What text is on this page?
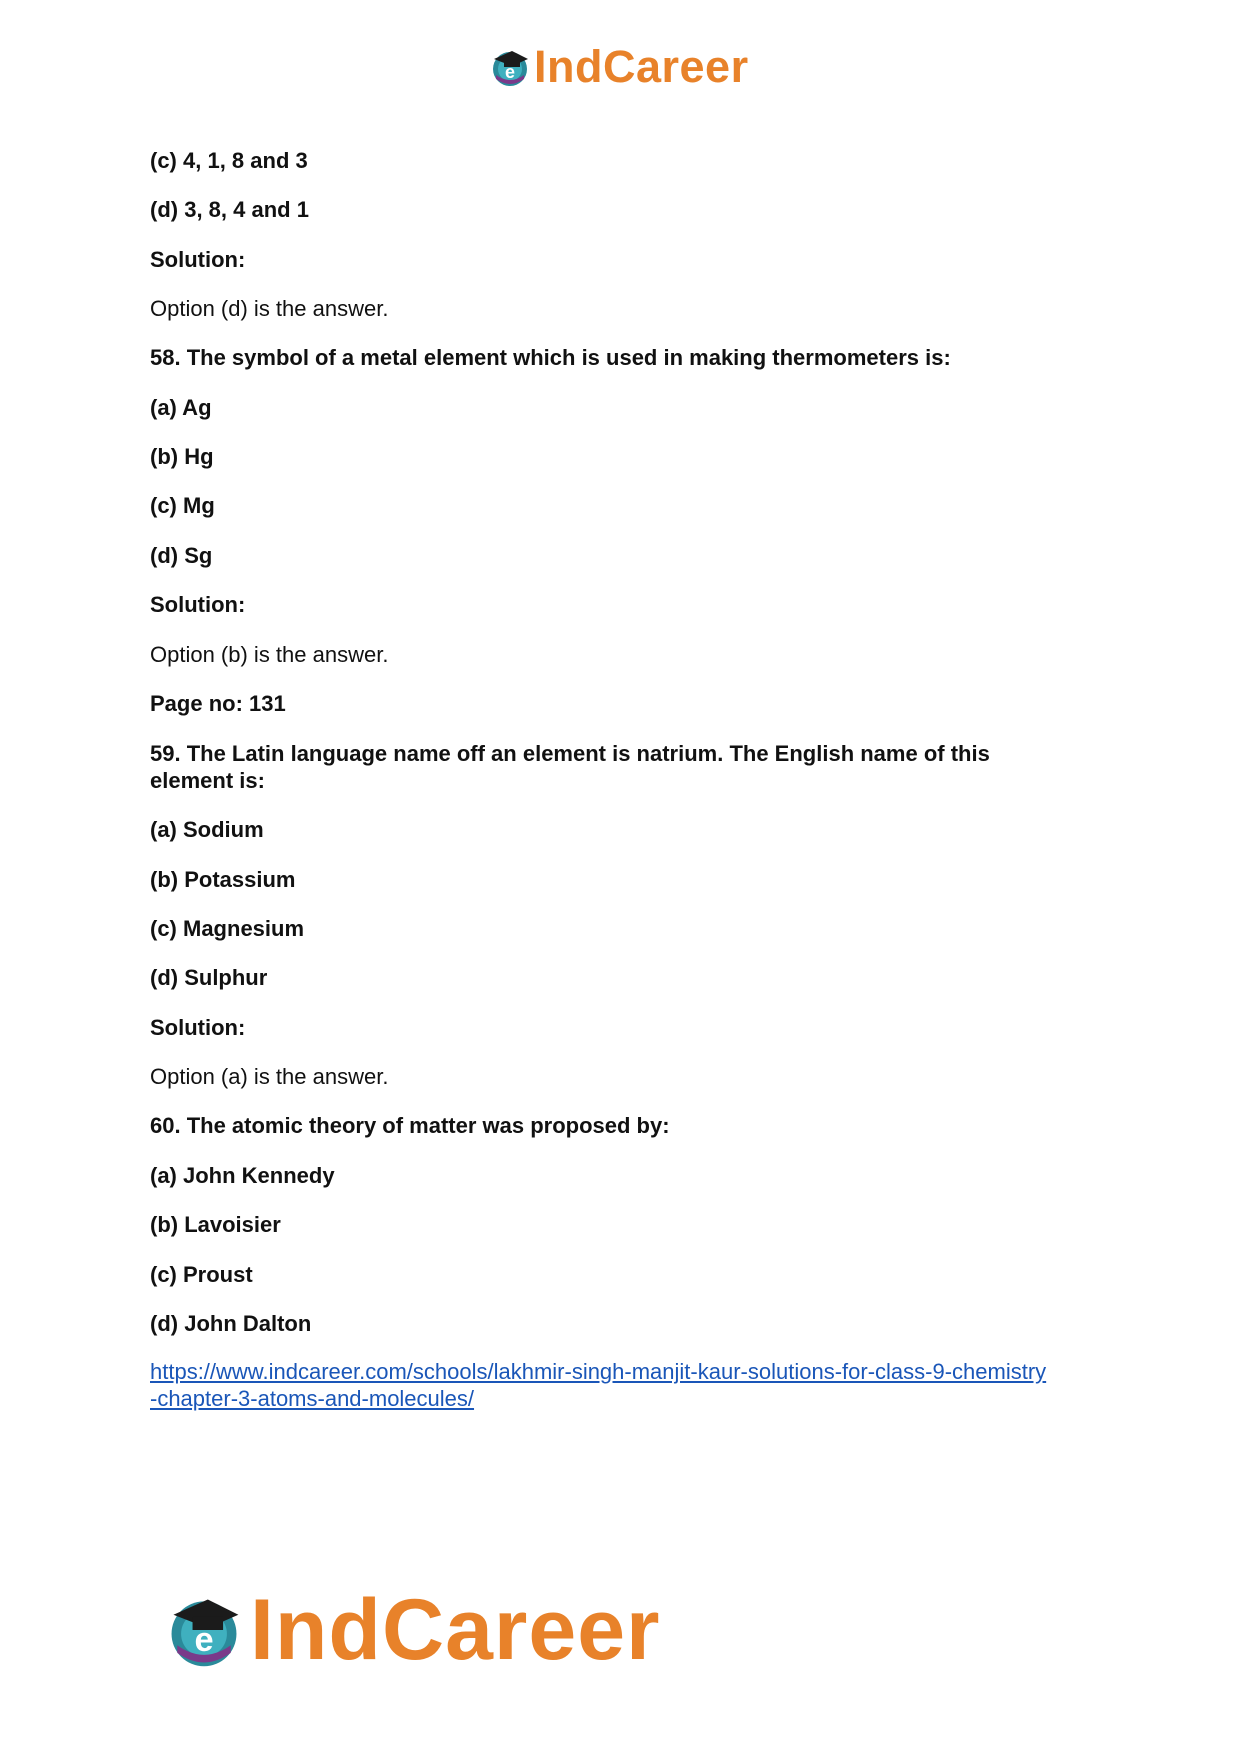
e IndCareer
(c) 4, 1, 8 and 3
(d) 3, 8, 4 and 1
Solution:
Option (d) is the answer.
58. The symbol of a metal element which is used in making thermometers is:
(a) Ag
(b) Hg
(c) Mg
(d) Sg
Solution:
Option (b) is the answer.
Page no: 131
59. The Latin language name off an element is natrium. The English name of this
element is:
(a) Sodium
(b) Potassium
(c) Magnesium
(d) Sulphur
Solution:
Option (a) is the answer.
60. The atomic theory of matter was proposed by:
(a) John Kennedy
(b) Lavoisier
(c) Proust
(d) John Dalton
https://www.indcareer.com/schools/lakhmir-singh-manjit-kaur-solutions-for-class-9-chemistry
-chapter-3-atoms-and-molecules/
e IndCareer
